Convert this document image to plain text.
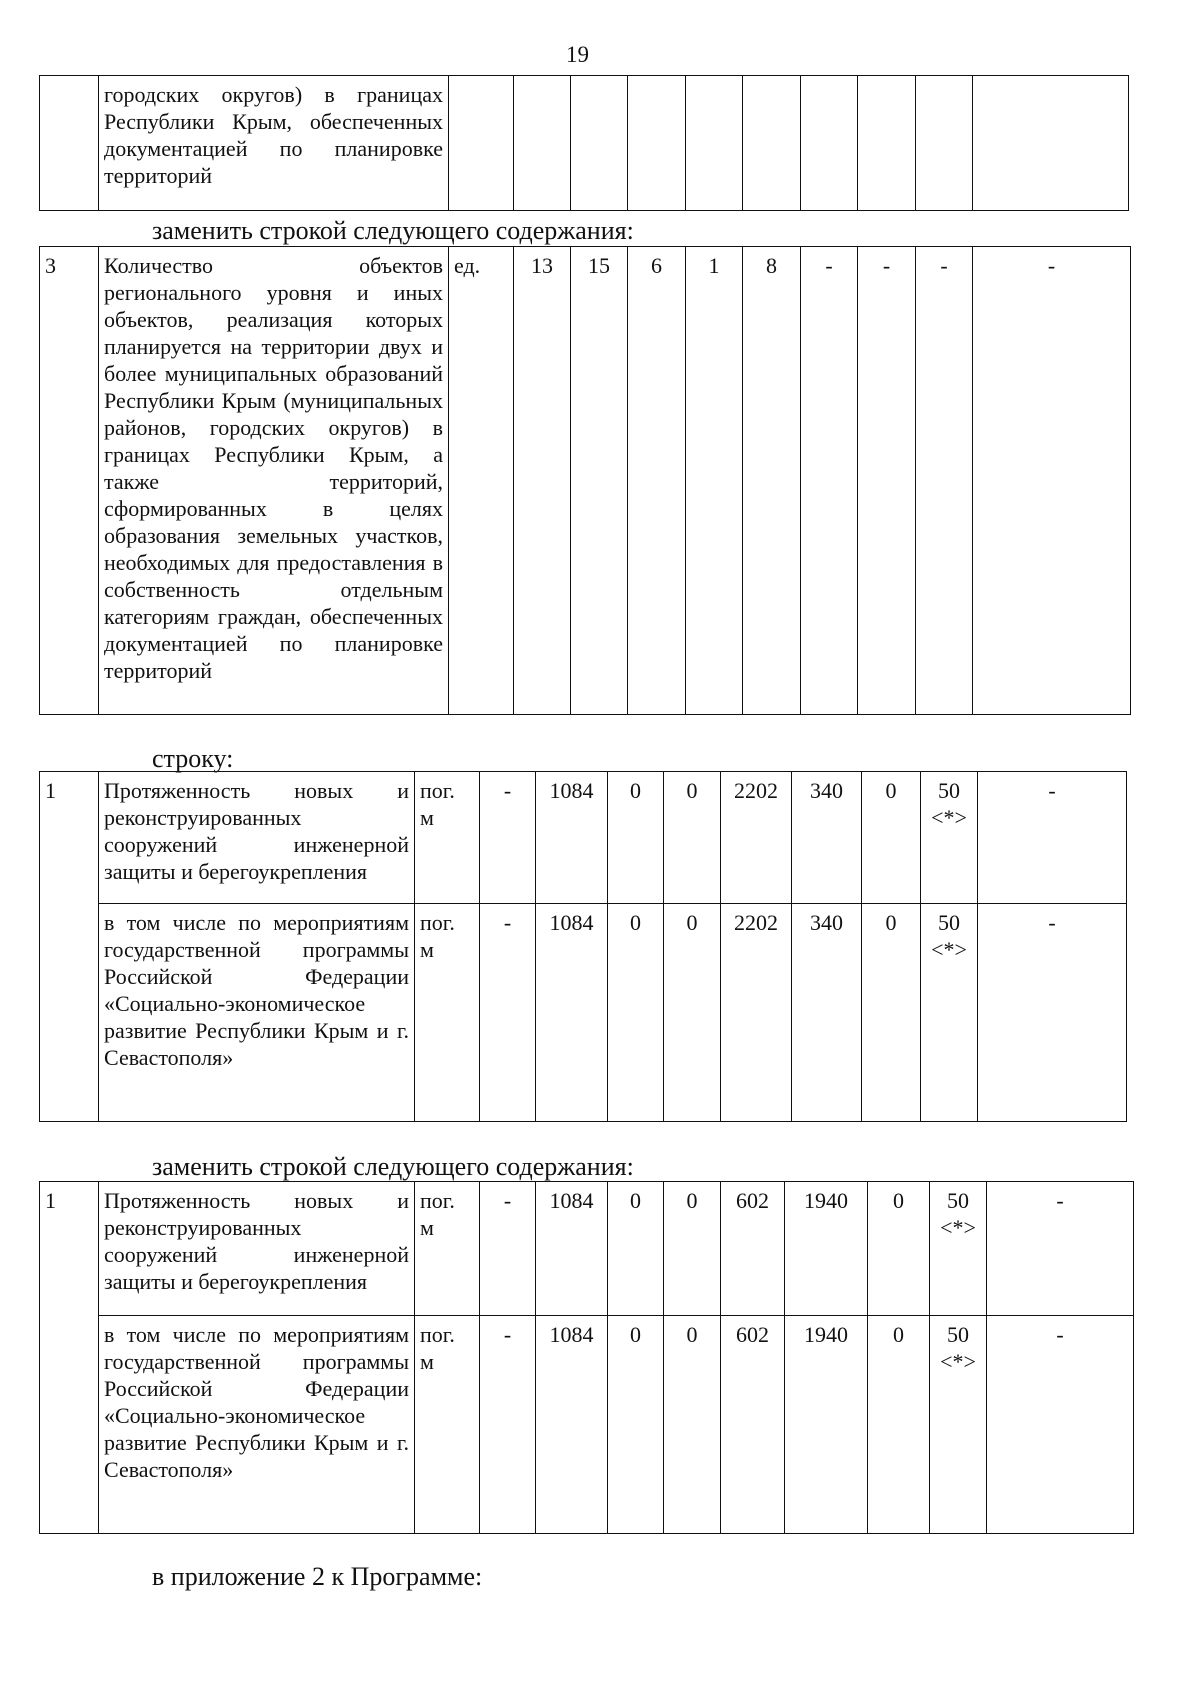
19
	городских округов) в границах Республики Крым, обеспеченных документацией по планировке территорий										
заменить строкой следующего содержания:
3	Количество объектов регионального уровня и иных объектов, реализация которых планируется на территории двух и более муниципальных образований Республики Крым (муниципальных районов, городских округов) в границах Республики Крым, а также территорий, сформированных в целях образования земельных участков, необходимых для предоставления в собственность отдельным категориям граждан, обеспеченных документацией по планировке территорий	ед.	13	15	6	1	8	-	-	-	-
строку:
1	Протяженность новых и реконструированных сооружений инженерной защиты и берегоукрепления	пог. м	-	1084	0	0	2202	340	0	50 <*>	-
	в том числе по мероприятиям государственной программы Российской Федерации «Социально-экономическое развитие Республики Крым и г. Севастополя»	пог. м	-	1084	0	0	2202	340	0	50 <*>	-
заменить строкой следующего содержания:
1	Протяженность новых и реконструированных сооружений инженерной защиты и берегоукрепления	пог. м	-	1084	0	0	602	1940	0	50 <*>	-
	в том числе по мероприятиям государственной программы Российской Федерации «Социально-экономическое развитие Республики Крым и г. Севастополя»	пог. м	-	1084	0	0	602	1940	0	50 <*>	-
в приложение 2 к Программе:
